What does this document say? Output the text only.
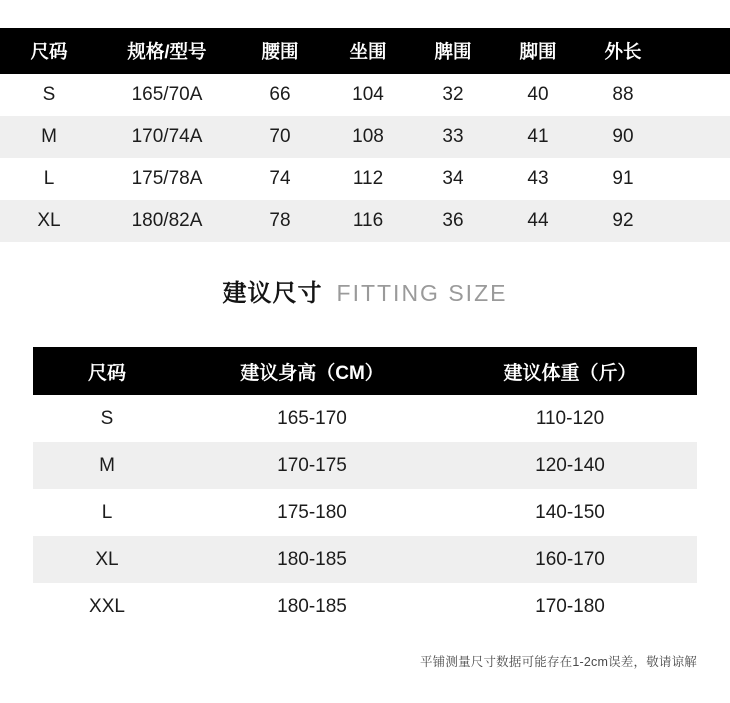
尺码	规格/型号	腰围	坐围	脾围	脚围	外长	
S	165/70A	66	104	32	40	88	
M	170/74A	70	108	33	41	90	
L	175/78A	74	112	34	43	91	
XL	180/82A	78	116	36	44	92	
建议尺寸 FITTING SIZE
尺码	建议身高（CM）	建议体重（斤）
S	165-170	110-120
M	170-175	120-140
L	175-180	140-150
XL	180-185	160-170
XXL	180-185	170-180
平铺测量尺寸数据可能存在1-2cm误差，敬请谅解
